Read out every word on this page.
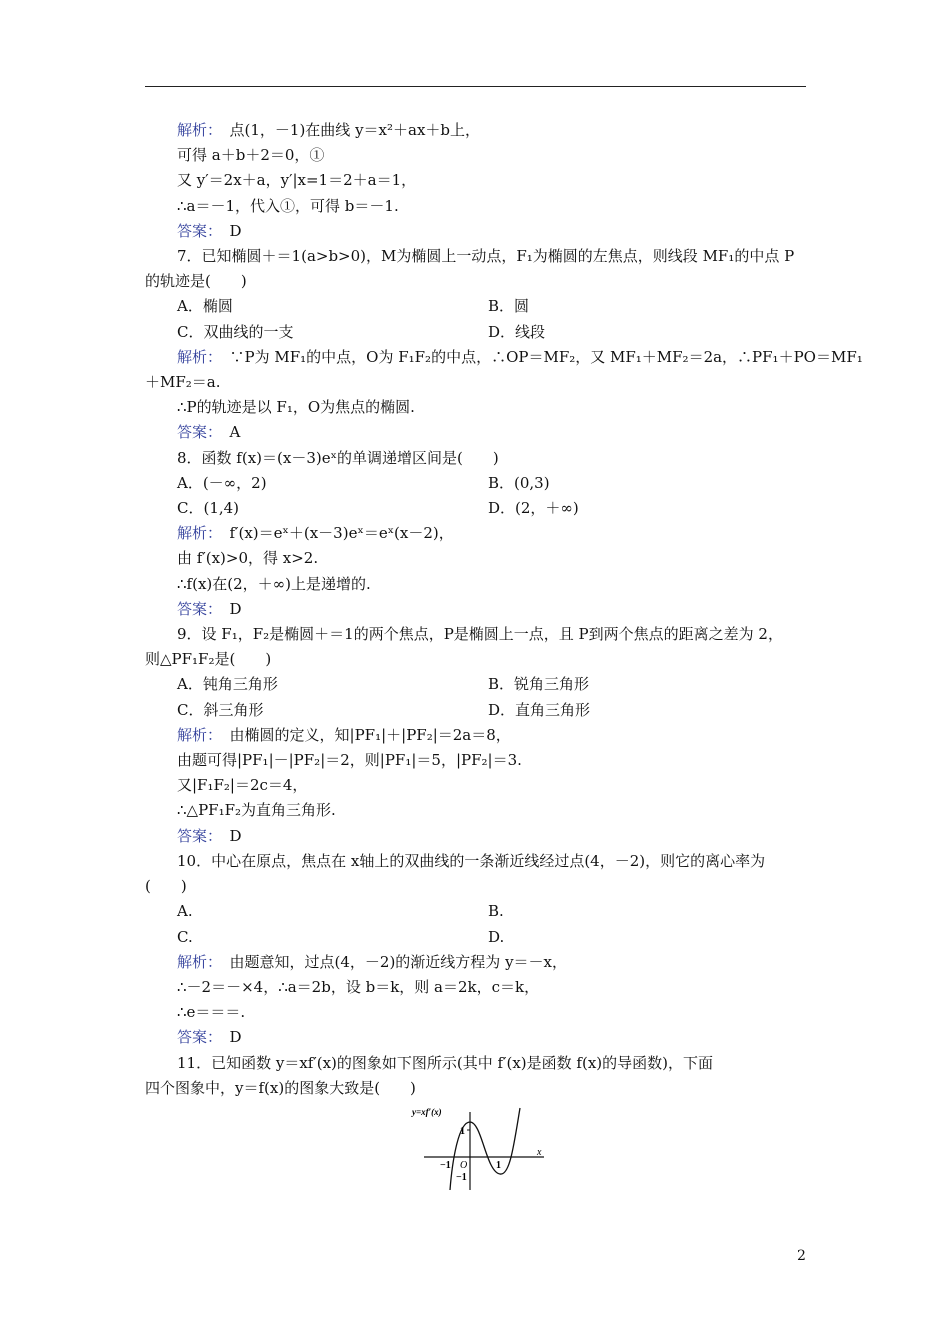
解析：　点(1，－1)在曲线 y＝x²＋ax＋b上，
可得 a＋b＋2＝0，①
又 y′＝2x＋a，y′|x=1＝2＋a＝1，
∴a＝－1，代入①，可得 b＝－1.
答案：　D
7．已知椭圆＋＝1(a>b>0)，M为椭圆上一动点，F₁为椭圆的左焦点，则线段 MF₁的中点 P
的轨迹是(　　)
A．椭圆	B．圆
C．双曲线的一支	D．线段
解析：　∵P为 MF₁的中点，O为 F₁F₂的中点，∴OP＝MF₂，又 MF₁＋MF₂＝2a，∴PF₁＋PO＝MF₁
＋MF₂＝a.
∴P的轨迹是以 F₁，O为焦点的椭圆.
答案：　A
8．函数 f(x)＝(x－3)eˣ的单调递增区间是(　　)
A．(－∞，2)	B．(0,3)
C．(1,4)	D．(2，＋∞)
解析：　f′(x)＝eˣ＋(x－3)eˣ＝eˣ(x－2)，
由 f′(x)>0，得 x>2.
∴f(x)在(2，＋∞)上是递增的.
答案：　D
9．设 F₁，F₂是椭圆＋＝1的两个焦点，P是椭圆上一点，且 P到两个焦点的距离之差为 2，
则△PF₁F₂是(　　)
A．钝角三角形	B．锐角三角形
C．斜三角形	D．直角三角形
解析：　由椭圆的定义，知|PF₁|＋|PF₂|＝2a＝8，
由题可得|PF₁|－|PF₂|＝2，则|PF₁|＝5，|PF₂|＝3.
又|F₁F₂|＝2c＝4，
∴△PF₁F₂为直角三角形.
答案：　D
10．中心在原点，焦点在 x轴上的双曲线的一条渐近线经过点(4，－2)，则它的离心率为
(　　)
A.	B.
C.	D.
解析：　由题意知，过点(4，－2)的渐近线方程为 y＝－x，
∴－2＝－×4，∴a＝2b，设 b＝k，则 a＝2k，c＝k，
∴e＝＝＝.
答案：　D
11．已知函数 y＝xf′(x)的图象如下图所示(其中 f′(x)是函数 f(x)的导函数)，下面
四个图象中，y＝f(x)的图象大致是(　　)
y=xf′(x)
x
O
−1	1
1
−1
2
